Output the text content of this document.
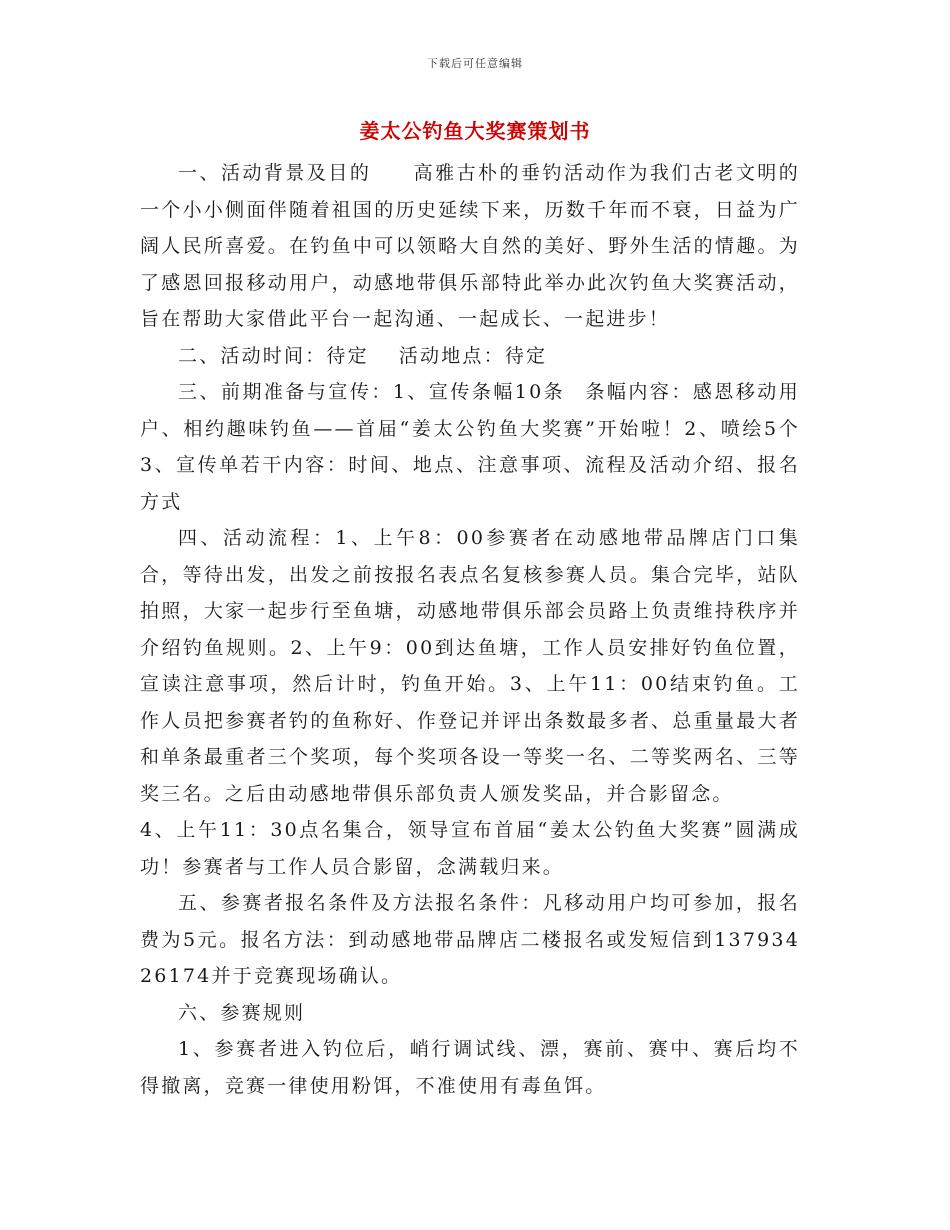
下载后可任意编辑
姜太公钓鱼大奖赛策划书

一、活动背景及目的 高雅古朴的垂钓活动作为我们古老文明的一个小小侧面伴随着祖国的历史延续下来，历数千年而不衰，日益为广阔人民所喜爱。在钓鱼中可以领略大自然的美好、野外生活的情趣。为了感恩回报移动用户，动感地带俱乐部特此举办此次钓鱼大奖赛活动，旨在帮助大家借此平台一起沟通、一起成长、一起进步！

二、活动时间：待定 活动地点：待定

三、前期准备与宣传：1、宣传条幅10条 条幅内容：感恩移动用户、相约趣味钓鱼——首届“姜太公钓鱼大奖赛”开始啦！2、喷绘5个3、宣传单若干内容：时间、地点、注意事项、流程及活动介绍、报名方式

四、活动流程：1、上午8：00参赛者在动感地带品牌店门口集合，等待出发，出发之前按报名表点名复核参赛人员。集合完毕，站队拍照，大家一起步行至鱼塘，动感地带俱乐部会员路上负责维持秩序并介绍钓鱼规则。2、上午9：00到达鱼塘，工作人员安排好钓鱼位置，宣读注意事项，然后计时，钓鱼开始。3、上午11：00结束钓鱼。工作人员把参赛者钓的鱼称好、作登记并评出条数最多者、总重量最大者和单条最重者三个奖项，每个奖项各设一等奖一名、二等奖两名、三等奖三名。之后由动感地带俱乐部负责人颁发奖品，并合影留念。

4、上午11：30点名集合，领导宣布首届“姜太公钓鱼大奖赛”圆满成功！参赛者与工作人员合影留，念满载归来。

五、参赛者报名条件及方法报名条件：凡移动用户均可参加，报名费为5元。报名方法：到动感地带品牌店二楼报名或发短信到13793426174并于竞赛现场确认。

六、参赛规则

1、参赛者进入钓位后，峭行调试线、漂，赛前、赛中、赛后均不得撤离，竞赛一律使用粉饵，不准使用有毒鱼饵。
